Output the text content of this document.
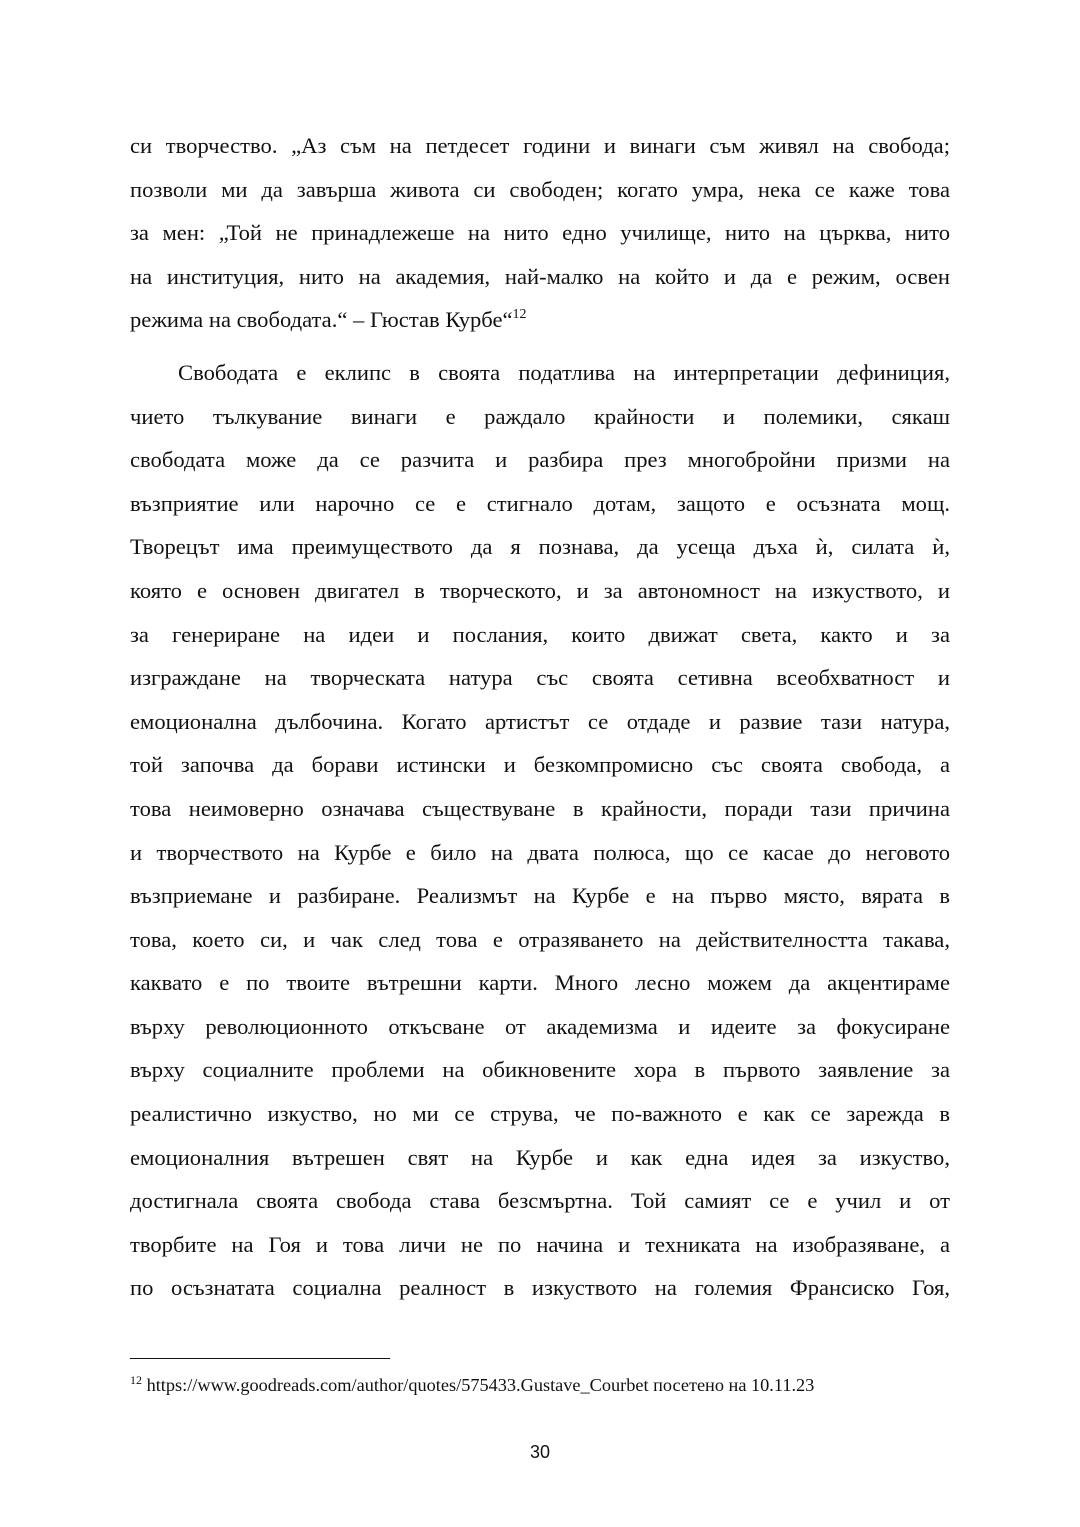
си творчество. „Аз съм на петдесет години и винаги съм живял на свобода;
позволи ми да завърша живота си свободен; когато умра, нека се каже това
за мен: „Той не принадлежеше на нито едно училище, нито на църква, нито
на институция, нито на академия, най-малко на който и да е режим, освен
режима на свободата.“ – Гюстав Курбе“$^{12}$
Свободата е еклипс в своята податлива на интерпретации дефиниция,
чието тълкувание винаги е раждало крайности и полемики, сякаш
свободата може да се разчита и разбира през многобройни призми на
възприятие или нарочно се е стигнало дотам, защото е осъзната мощ.
Творецът има преимуществото да я познава, да усеща дъха ѝ, силата ѝ,
която е основен двигател в творческото, и за автономност на изкуството, и
за генериране на идеи и послания, които движат света, както и за
изграждане на творческата натура със своята сетивна всеобхватност и
емоционална дълбочина. Когато артистът се отдаде и развие тази натура,
той започва да борави истински и безкомпромисно със своята свобода, а
това неимоверно означава съществуване в крайности, поради тази причина
и творчеството на Курбе е било на двата полюса, що се касае до неговото
възприемане и разбиране. Реализмът на Курбе е на първо място, вярата в
това, което си, и чак след това е отразяването на действителността такава,
каквато е по твоите вътрешни карти. Много лесно можем да акцентираме
върху революционното откъсване от академизма и идеите за фокусиране
върху социалните проблеми на обикновените хора в първото заявление за
реалистично изкуство, но ми се струва, че по-важното е как се зарежда в
емоционалния вътрешен свят на Курбе и как една идея за изкуство,
достигнала своята свобода става безсмъртна. Той самият се е учил и от
творбите на Гоя и това личи не по начина и техниката на изобразяване, а
по осъзнатата социална реалност в изкуството на големия Франсиско Гоя,
$^{12}$ https://www.goodreads.com/author/quotes/575433.Gustave_Courbet посетено на 10.11.23
30
